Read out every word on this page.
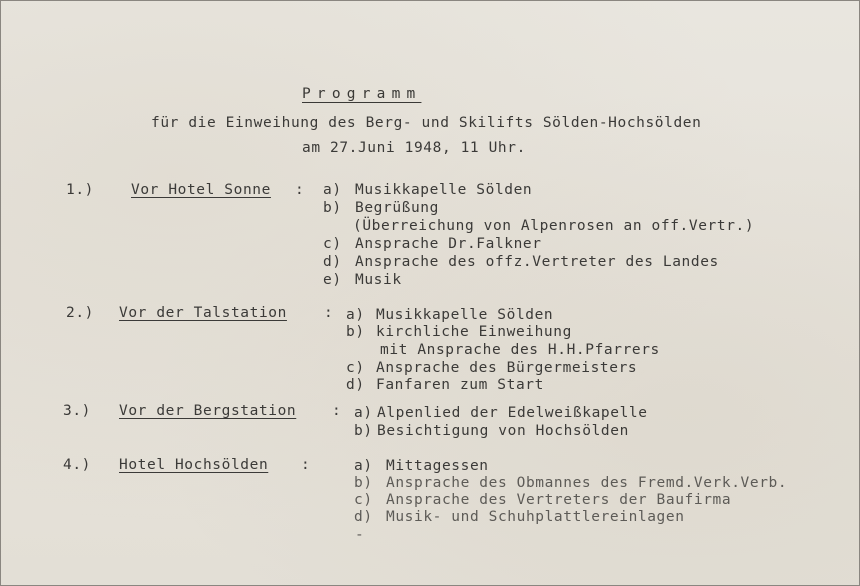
Programm
für die Einweihung des Berg- und Skilifts Sölden-Hochsölden
am 27.Juni 1948, 11 Uhr.
1.)	Vor Hotel Sonne : a) Musikkapelle Sölden
b) Begrüßung
(Überreichung von Alpenrosen an off.Vertr.)
c) Ansprache Dr.Falkner
d) Ansprache des offz.Vertreter des Landes
e) Musik
2.) Vor der Talstation	: a) Musikkapelle Sölden
b) kirchliche Einweihung
mit Ansprache des H.H.Pfarrers
c) Ansprache des Bürgermeisters
d) Fanfaren zum Start
3.) Vor der Bergstation : a) Alpenlied der Edelweißkapelle
b) Besichtigung von Hochsölden
4.) Hotel Hochsölden :	a) Mittagessen
b) Ansprache des Obmannes des Fremd.Verk.Verb.
c) Ansprache des Vertreters der Baufirma
d) Musik- und Schuhplattlereinlagen
-
